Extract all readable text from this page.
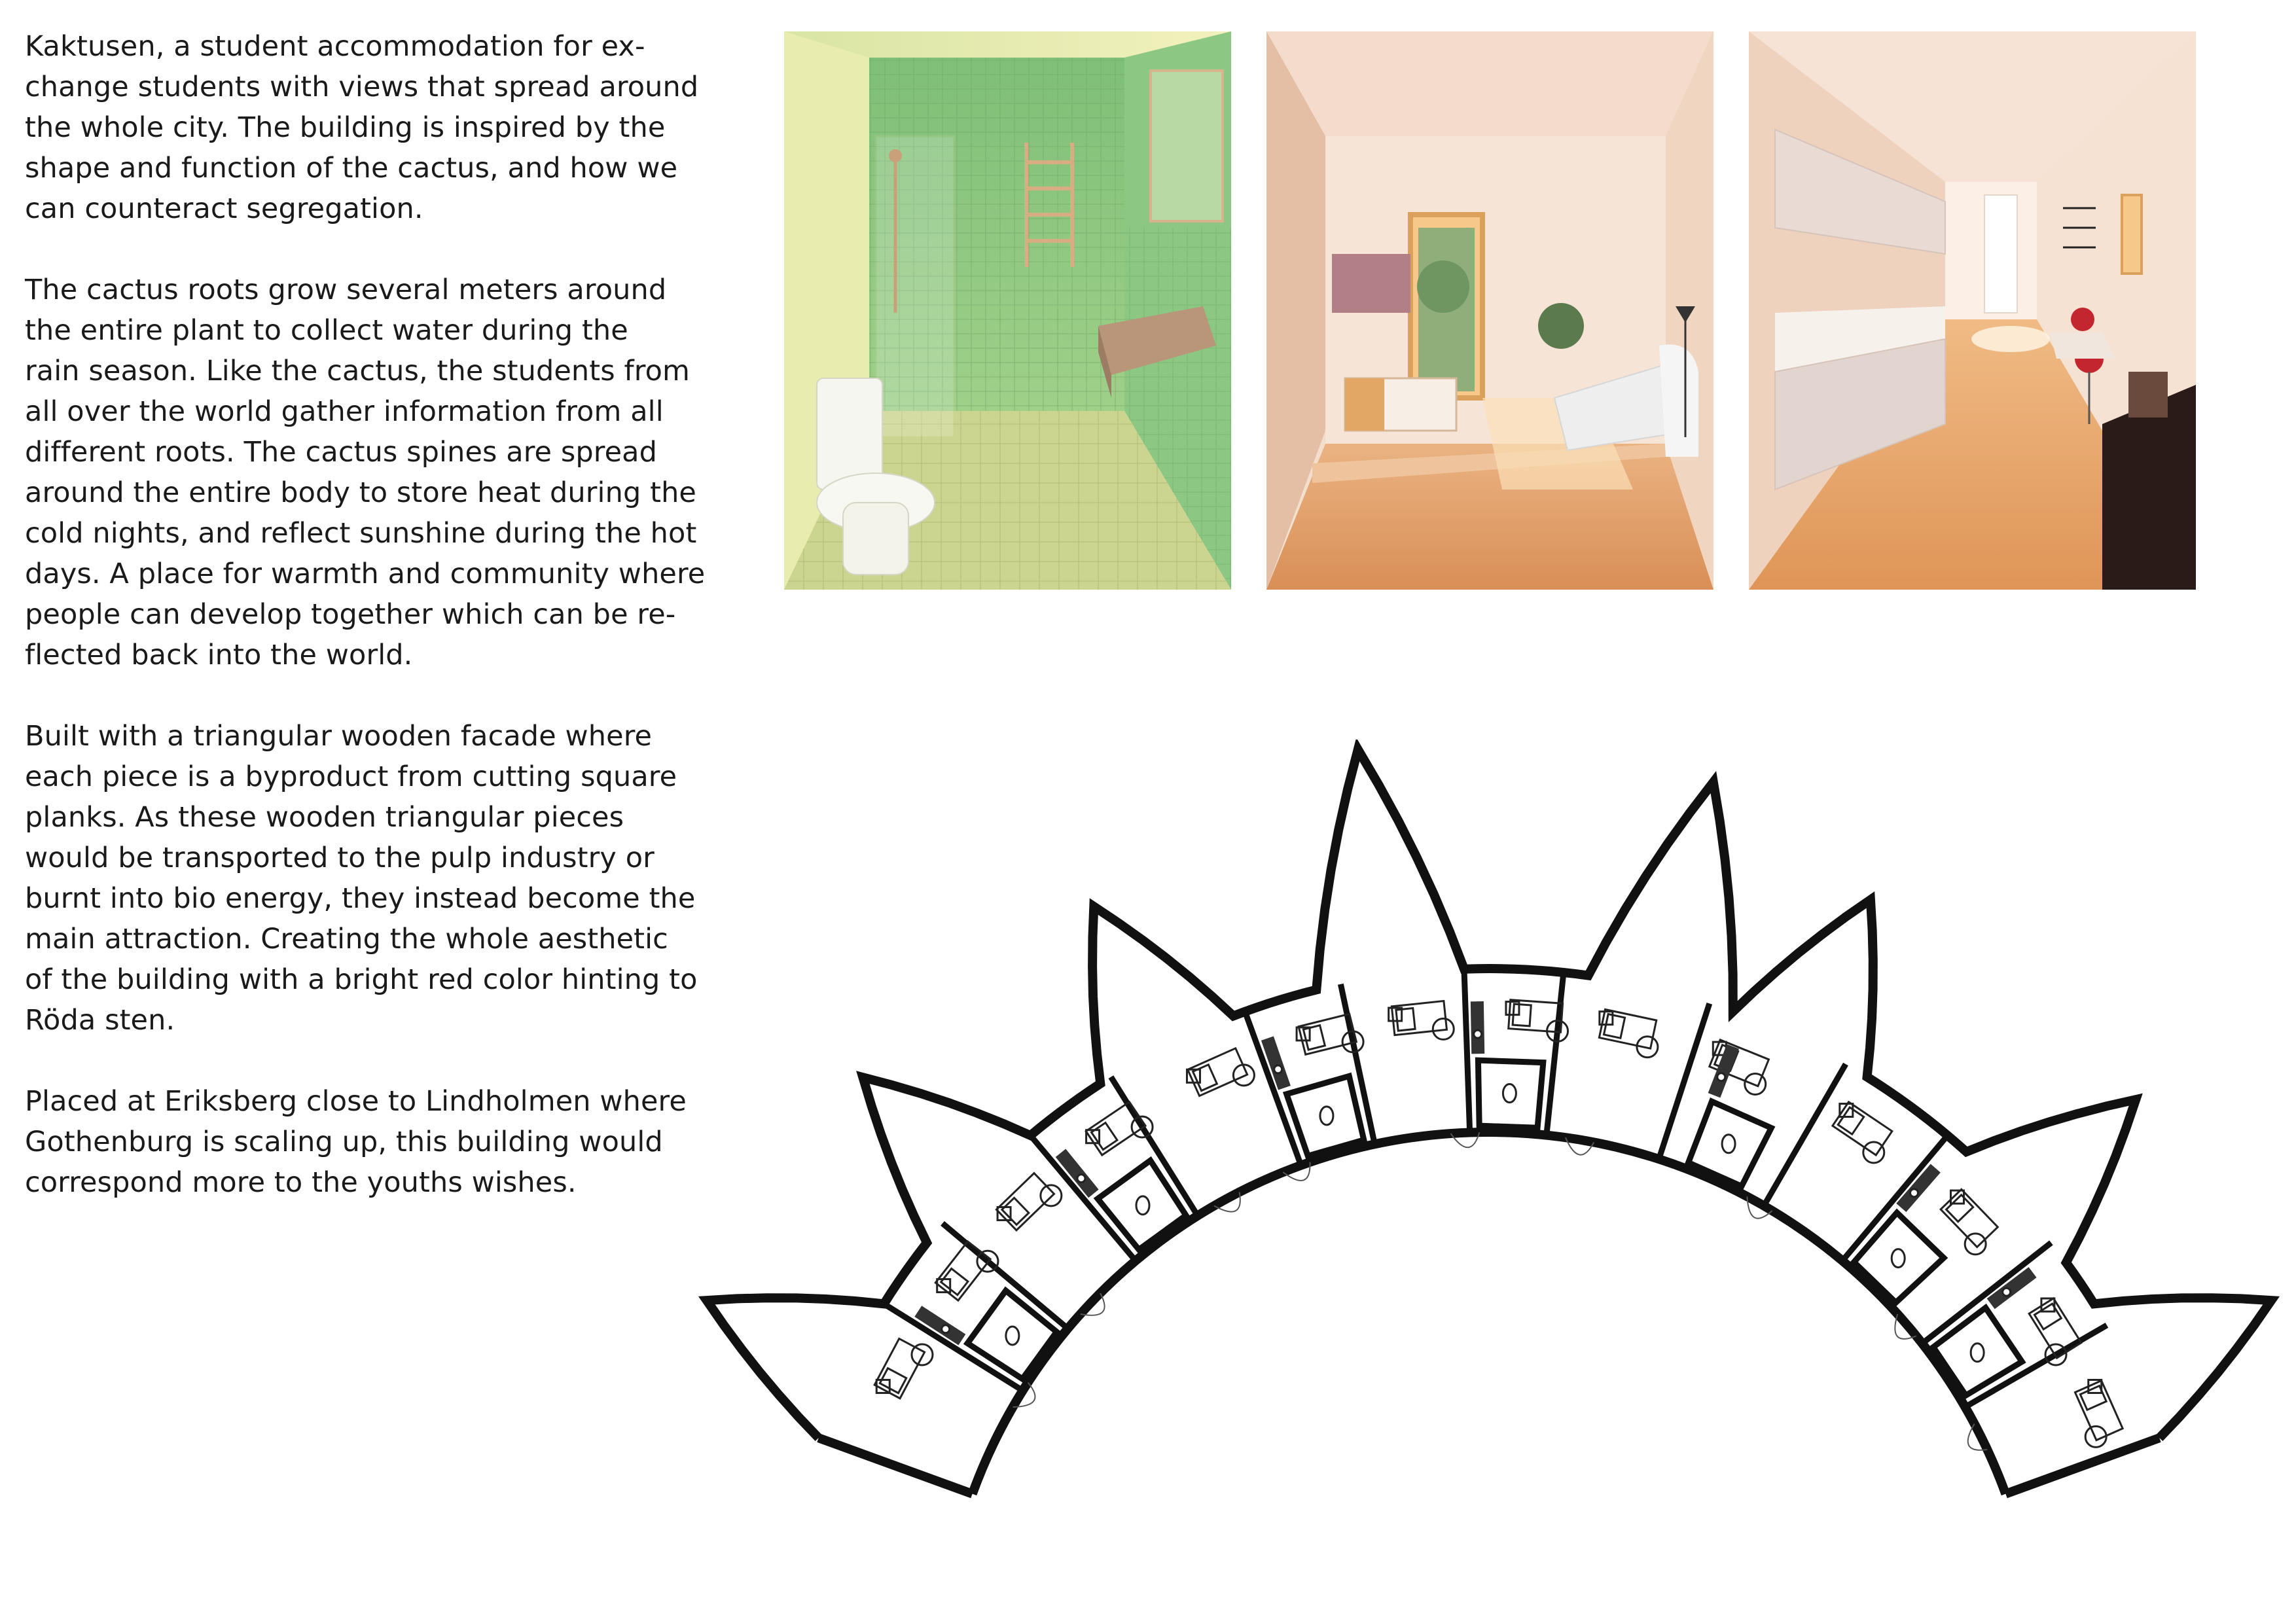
Kaktusen, a student accommodation for ex-
change students with views that spread around
the whole city. The building is inspired by the
shape and function of the cactus, and how we
can counteract segregation.

The cactus roots grow several meters around
the entire plant to collect water during the
rain season. Like the cactus, the students from
all over the world gather information from all
different roots. The cactus spines are spread
around the entire body to store heat during the
cold nights, and reflect sunshine during the hot
days. A place for warmth and community where
people can develop together which can be re-
flected back into the world.

Built with a triangular wooden facade where
each piece is a byproduct from cutting square
planks. As these wooden triangular pieces
would be transported to the pulp industry or
burnt into bio energy, they instead become the
main attraction. Creating the whole aesthetic
of the building with a bright red color hinting to
Röda sten.

Placed at Eriksberg close to Lindholmen where
Gothenburg is scaling up, this building would
correspond more to the youths wishes.
